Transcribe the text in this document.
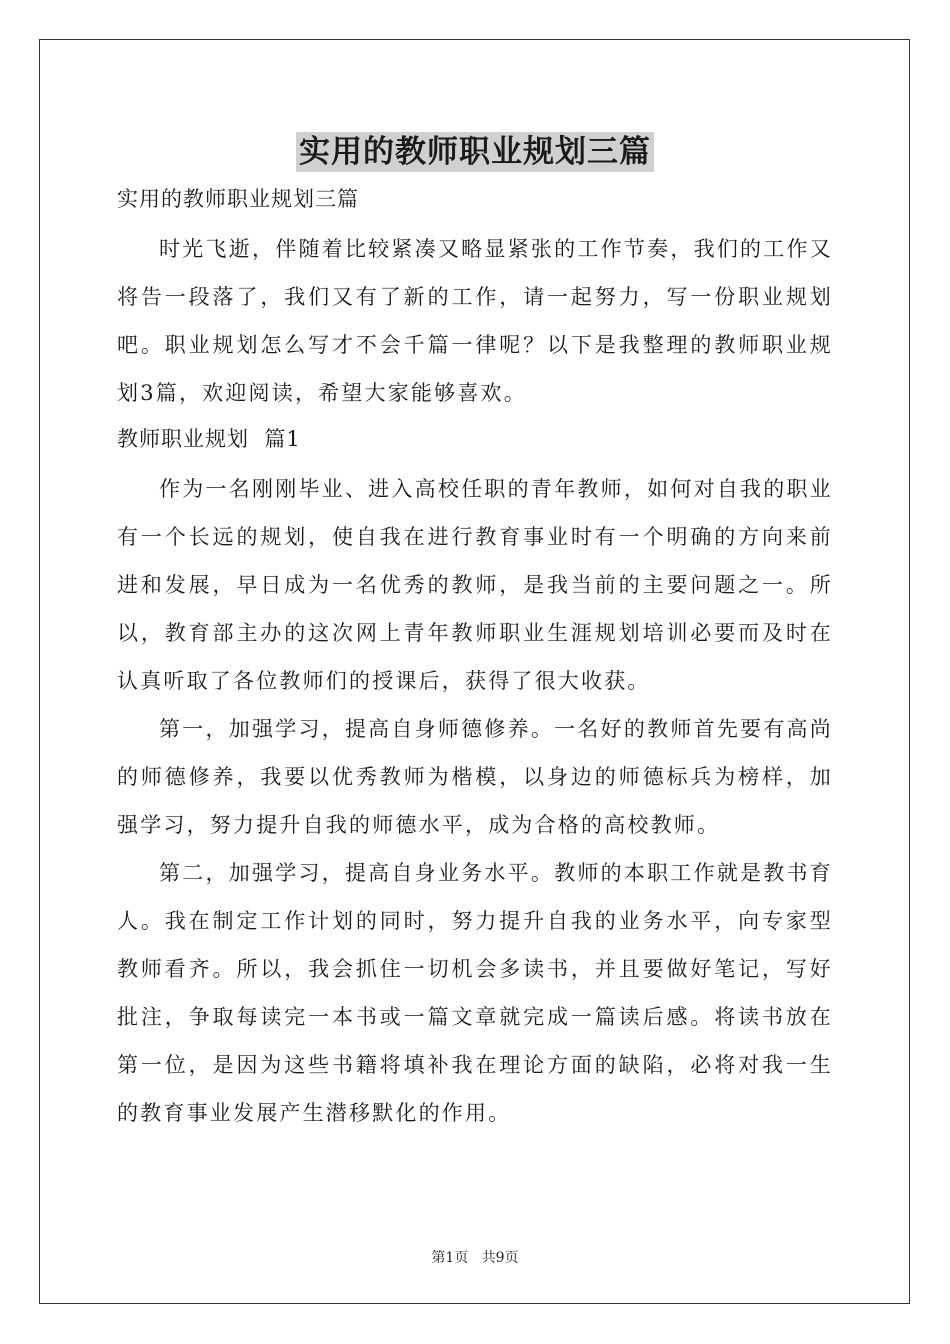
实用的教师职业规划三篇
实用的教师职业规划三篇

时光飞逝，伴随着比较紧凑又略显紧张的工作节奏，我们的工作又将告一段落了，我们又有了新的工作，请一起努力，写一份职业规划吧。职业规划怎么写才不会千篇一律呢？以下是我整理的教师职业规划3篇，欢迎阅读，希望大家能够喜欢。

教师职业规划  篇1

作为一名刚刚毕业、进入高校任职的青年教师，如何对自我的职业有一个长远的规划，使自我在进行教育事业时有一个明确的方向来前进和发展，早日成为一名优秀的教师，是我当前的主要问题之一。所以，教育部主办的这次网上青年教师职业生涯规划培训必要而及时在认真听取了各位教师们的授课后，获得了很大收获。

第一，加强学习，提高自身师德修养。一名好的教师首先要有高尚的师德修养，我要以优秀教师为楷模，以身边的师德标兵为榜样，加强学习，努力提升自我的师德水平，成为合格的高校教师。

第二，加强学习，提高自身业务水平。教师的本职工作就是教书育人。我在制定工作计划的同时，努力提升自我的业务水平，向专家型教师看齐。所以，我会抓住一切机会多读书，并且要做好笔记，写好批注，争取每读完一本书或一篇文章就完成一篇读后感。将读书放在第一位，是因为这些书籍将填补我在理论方面的缺陷，必将对我一生的教育事业发展产生潜移默化的作用。

第1页   共9页
